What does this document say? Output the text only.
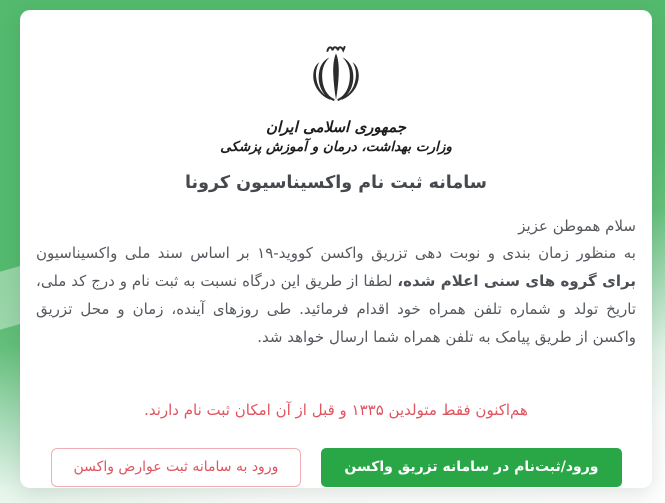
جمهوری اسلامی ایران
وزارت بهداشت، درمان و آموزش پزشکی
سامانه ثبت نام واکسیناسیون کرونا

سلام هموطن عزیز

به منظور زمان بندی و نوبت دهی تزریق واکسن کووید-۱۹ بر اساس سند ملی واکسیناسیون برای گروه های سنی اعلام شده، لطفا از طریق این درگاه نسبت به ثبت نام و درج کد ملی، تاریخ تولد و شماره تلفن همراه خود اقدام فرمائید. طی روزهای آینده، زمان و محل تزریق واکسن از طریق پیامک به تلفن همراه شما ارسال خواهد شد.

هم‌اکنون فقط متولدین ۱۳۳۵ و قبل از آن امکان ثبت نام دارند.

ورود/ثبت‌نام در سامانه تزریق واکسن
ورود به سامانه ثبت عوارض واکسن
